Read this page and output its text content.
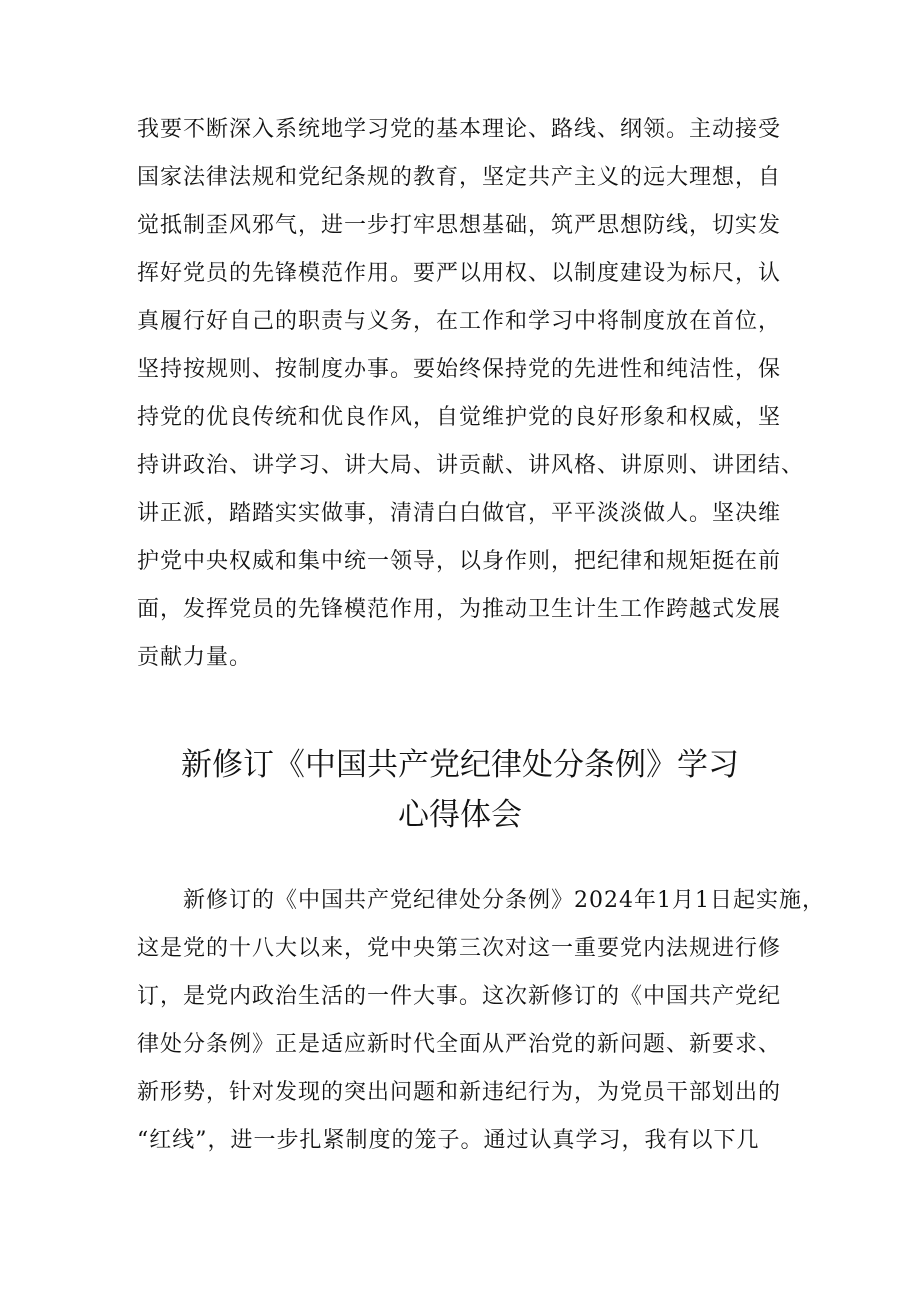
我要不断深入系统地学习党的基本理论、路线、纲领。主动接受
国家法律法规和党纪条规的教育，坚定共产主义的远大理想，自
觉抵制歪风邪气，进一步打牢思想基础，筑严思想防线，切实发
挥好党员的先锋模范作用。要严以用权、以制度建设为标尺，认
真履行好自己的职责与义务，在工作和学习中将制度放在首位，
坚持按规则、按制度办事。要始终保持党的先进性和纯洁性，保
持党的优良传统和优良作风，自觉维护党的良好形象和权威，坚
持讲政治、讲学习、讲大局、讲贡献、讲风格、讲原则、讲团结、
讲正派，踏踏实实做事，清清白白做官，平平淡淡做人。坚决维
护党中央权威和集中统一领导，以身作则，把纪律和规矩挺在前
面，发挥党员的先锋模范作用，为推动卫生计生工作跨越式发展
贡献力量。
新修订《中国共产党纪律处分条例》学习
心得体会
　　新修订的《中国共产党纪律处分条例》2024年1月1日起实施，
这是党的十八大以来，党中央第三次对这一重要党内法规进行修
订，是党内政治生活的一件大事。这次新修订的《中国共产党纪
律处分条例》正是适应新时代全面从严治党的新问题、新要求、
新形势，针对发现的突出问题和新违纪行为，为党员干部划出的
“红线”，进一步扎紧制度的笼子。通过认真学习，我有以下几
